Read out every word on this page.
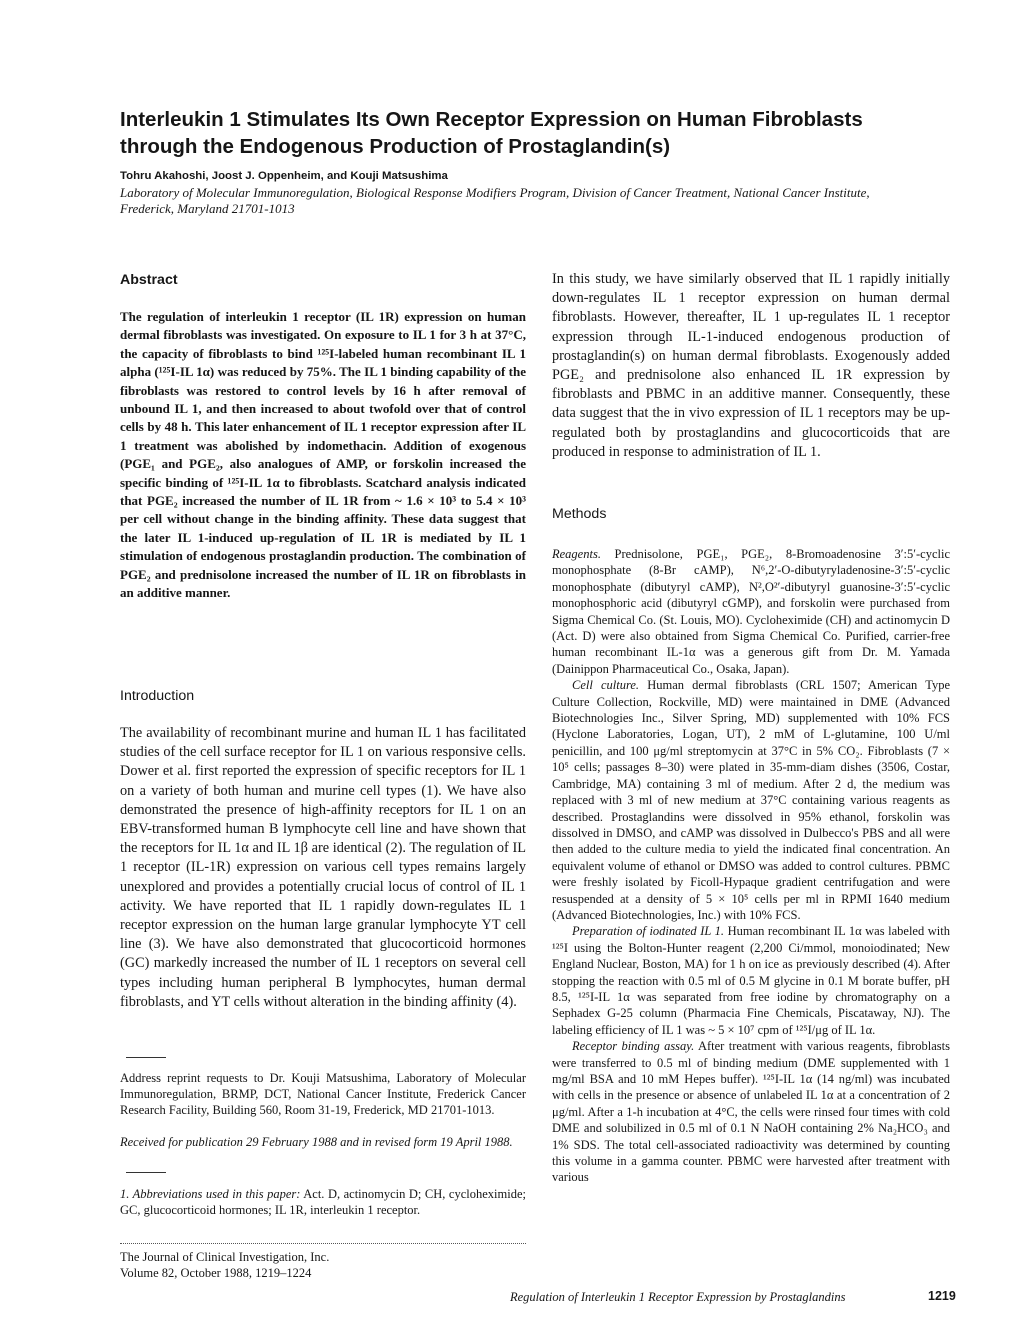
Interleukin 1 Stimulates Its Own Receptor Expression on Human Fibroblasts through the Endogenous Production of Prostaglandin(s)
Tohru Akahoshi, Joost J. Oppenheim, and Kouji Matsushima
Laboratory of Molecular Immunoregulation, Biological Response Modifiers Program, Division of Cancer Treatment, National Cancer Institute, Frederick, Maryland 21701-1013
Abstract

The regulation of interleukin 1 receptor (IL 1R) expression on human dermal fibroblasts was investigated. On exposure to IL 1 for 3 h at 37°C, the capacity of fibroblasts to bind ¹²⁵I-labeled human recombinant IL 1 alpha (¹²⁵I-IL 1α) was reduced by 75%. The IL 1 binding capability of the fibroblasts was restored to control levels by 16 h after removal of unbound IL 1, and then increased to about twofold over that of control cells by 48 h. This later enhancement of IL 1 receptor expression after IL 1 treatment was abolished by indomethacin. Addition of exogenous (PGE₁ and PGE₂, also analogues of AMP, or forskolin increased the specific binding of ¹²⁵I-IL 1α to fibroblasts. Scatchard analysis indicated that PGE₂ increased the number of IL 1R from ~ 1.6 × 10³ to 5.4 × 10³ per cell without change in the binding affinity. These data suggest that the later IL 1-induced up-regulation of IL 1R is mediated by IL 1 stimulation of endogenous prostaglandin production. The combination of PGE₂ and prednisolone increased the number of IL 1R on fibroblasts in an additive manner.

Introduction

The availability of recombinant murine and human IL 1 has facilitated studies of the cell surface receptor for IL 1 on various responsive cells. Dower et al. first reported the expression of specific receptors for IL 1 on a variety of both human and murine cell types (1). We have also demonstrated the presence of high-affinity receptors for IL 1 on an EBV-transformed human B lymphocyte cell line and have shown that the receptors for IL 1α and IL 1β are identical (2). The regulation of IL 1 receptor (IL-1R) expression on various cell types remains largely unexplored and provides a potentially crucial locus of control of IL 1 activity. We have reported that IL 1 rapidly down-regulates IL 1 receptor expression on the human large granular lymphocyte YT cell line (3). We have also demonstrated that glucocorticoid hormones (GC) markedly increased the number of IL 1 receptors on several cell types including human peripheral B lymphocytes, human dermal fibroblasts, and YT cells without alteration in the binding affinity (4).

Address reprint requests to Dr. Kouji Matsushima, Laboratory of Molecular Immunoregulation, BRMP, DCT, National Cancer Institute, Frederick Cancer Research Facility, Building 560, Room 31-19, Frederick, MD 21701-1013.

Received for publication 29 February 1988 and in revised form 19 April 1988.

1. Abbreviations used in this paper: Act. D, actinomycin D; CH, cycloheximide; GC, glucocorticoid hormones; IL 1R, interleukin 1 receptor.

The Journal of Clinical Investigation, Inc.
Volume 82, October 1988, 1219–1224

In this study, we have similarly observed that IL 1 rapidly initially down-regulates IL 1 receptor expression on human dermal fibroblasts. However, thereafter, IL 1 up-regulates IL 1 receptor expression through IL-1-induced endogenous production of prostaglandin(s) on human dermal fibroblasts. Exogenously added PGE₂ and prednisolone also enhanced IL 1R expression by fibroblasts and PBMC in an additive manner. Consequently, these data suggest that the in vivo expression of IL 1 receptors may be up-regulated both by prostaglandins and glucocorticoids that are produced in response to administration of IL 1.

Methods

Reagents. Prednisolone, PGE₁, PGE₂, 8-Bromoadenosine 3′:5′-cyclic monophosphate (8-Br cAMP), N⁶,2′-O-dibutyryladenosine-3′:5′-cyclic monophosphate (dibutyryl cAMP), N²,O²′-dibutyryl guanosine-3′:5′-cyclic monophosphoric acid (dibutyryl cGMP), and forskolin were purchased from Sigma Chemical Co. (St. Louis, MO). Cycloheximide (CH) and actinomycin D (Act. D) were also obtained from Sigma Chemical Co. Purified, carrier-free human recombinant IL-1α was a generous gift from Dr. M. Yamada (Dainippon Pharmaceutical Co., Osaka, Japan).

Cell culture. Human dermal fibroblasts (CRL 1507; American Type Culture Collection, Rockville, MD) were maintained in DME (Advanced Biotechnologies Inc., Silver Spring, MD) supplemented with 10% FCS (Hyclone Laboratories, Logan, UT), 2 mM of L-glutamine, 100 U/ml penicillin, and 100 μg/ml streptomycin at 37°C in 5% CO₂. Fibroblasts (7 × 10⁵ cells; passages 8–30) were plated in 35-mm-diam dishes (3506, Costar, Cambridge, MA) containing 3 ml of medium. After 2 d, the medium was replaced with 3 ml of new medium at 37°C containing various reagents as described. Prostaglandins were dissolved in 95% ethanol, forskolin was dissolved in DMSO, and cAMP was dissolved in Dulbecco's PBS and all were then added to the culture media to yield the indicated final concentration. An equivalent volume of ethanol or DMSO was added to control cultures. PBMC were freshly isolated by Ficoll-Hypaque gradient centrifugation and were resuspended at a density of 5 × 10⁵ cells per ml in RPMI 1640 medium (Advanced Biotechnologies, Inc.) with 10% FCS.

Preparation of iodinated IL 1. Human recombinant IL 1α was labeled with ¹²⁵I using the Bolton-Hunter reagent (2,200 Ci/mmol, monoiodinated; New England Nuclear, Boston, MA) for 1 h on ice as previously described (4). After stopping the reaction with 0.5 ml of 0.5 M glycine in 0.1 M borate buffer, pH 8.5, ¹²⁵I-IL 1α was separated from free iodine by chromatography on a Sephadex G-25 column (Pharmacia Fine Chemicals, Piscataway, NJ). The labeling efficiency of IL 1 was ~ 5 × 10⁷ cpm of ¹²⁵I/μg of IL 1α.

Receptor binding assay. After treatment with various reagents, fibroblasts were transferred to 0.5 ml of binding medium (DME supplemented with 1 mg/ml BSA and 10 mM Hepes buffer). ¹²⁵I-IL 1α (14 ng/ml) was incubated with cells in the presence or absence of unlabeled IL 1α at a concentration of 2 μg/ml. After a 1-h incubation at 4°C, the cells were rinsed four times with cold DME and solubilized in 0.5 ml of 0.1 N NaOH containing 2% Na₂HCO₃ and 1% SDS. The total cell-associated radioactivity was determined by counting this volume in a gamma counter. PBMC were harvested after treatment with various

Regulation of Interleukin 1 Receptor Expression by Prostaglandins	1219
